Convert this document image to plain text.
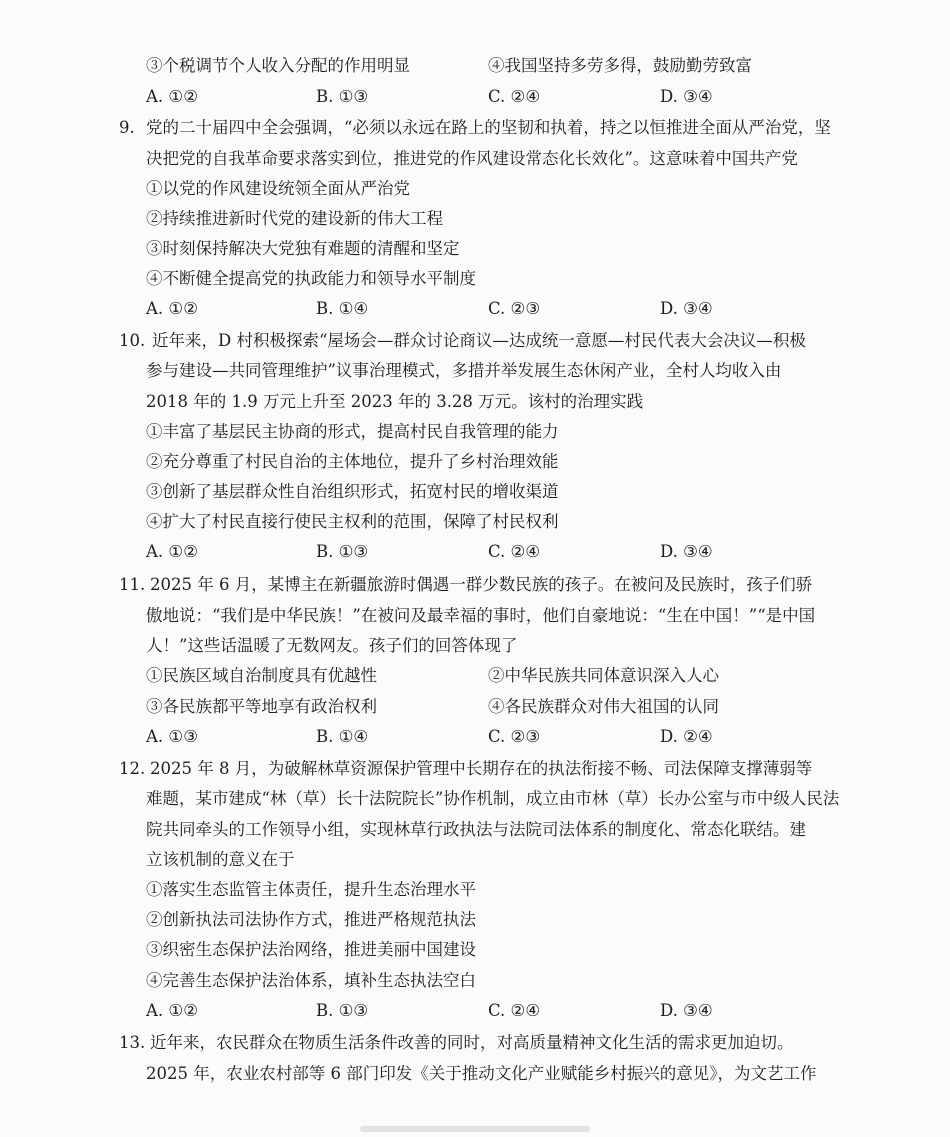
③个税调节个人收入分配的作用明显	④我国坚持多劳多得，鼓励勤劳致富
A. ①②	B. ①③	C. ②④	D. ③④
9. 党的二十届四中全会强调，“必须以永远在路上的坚韧和执着，持之以恒推进全面从严治党，坚
决把党的自我革命要求落实到位，推进党的作风建设常态化长效化”。这意味着中国共产党
①以党的作风建设统领全面从严治党
②持续推进新时代党的建设新的伟大工程
③时刻保持解决大党独有难题的清醒和坚定
④不断健全提高党的执政能力和领导水平制度
A. ①②	B. ①④	C. ②③	D. ③④
10. 近年来，D 村积极探索“屋场会—群众讨论商议—达成统一意愿—村民代表大会决议—积极
参与建设—共同管理维护”议事治理模式，多措并举发展生态休闲产业，全村人均收入由
2018 年的 1.9 万元上升至 2023 年的 3.28 万元。该村的治理实践
①丰富了基层民主协商的形式，提高村民自我管理的能力
②充分尊重了村民自治的主体地位，提升了乡村治理效能
③创新了基层群众性自治组织形式，拓宽村民的增收渠道
④扩大了村民直接行使民主权利的范围，保障了村民权利
A. ①②	B. ①③	C. ②④	D. ③④
11. 2025 年 6 月，某博主在新疆旅游时偶遇一群少数民族的孩子。在被问及民族时，孩子们骄
傲地说：“我们是中华民族！”在被问及最幸福的事时，他们自豪地说：“生在中国！”“是中国
人！”这些话温暖了无数网友。孩子们的回答体现了
①民族区域自治制度具有优越性	②中华民族共同体意识深入人心
③各民族都平等地享有政治权利	④各民族群众对伟大祖国的认同
A. ①③	B. ①④	C. ②③	D. ②④
12. 2025 年 8 月，为破解林草资源保护管理中长期存在的执法衔接不畅、司法保障支撑薄弱等
难题，某市建成“林（草）长十法院院长”协作机制，成立由市林（草）长办公室与市中级人民法
院共同牵头的工作领导小组，实现林草行政执法与法院司法体系的制度化、常态化联结。建
立该机制的意义在于
①落实生态监管主体责任，提升生态治理水平
②创新执法司法协作方式，推进严格规范执法
③织密生态保护法治网络，推进美丽中国建设
④完善生态保护法治体系，填补生态执法空白
A. ①②	B. ①③	C. ②④	D. ③④
13. 近年来，农民群众在物质生活条件改善的同时，对高质量精神文化生活的需求更加迫切。
2025 年，农业农村部等 6 部门印发《关于推动文化产业赋能乡村振兴的意见》，为文艺工作
